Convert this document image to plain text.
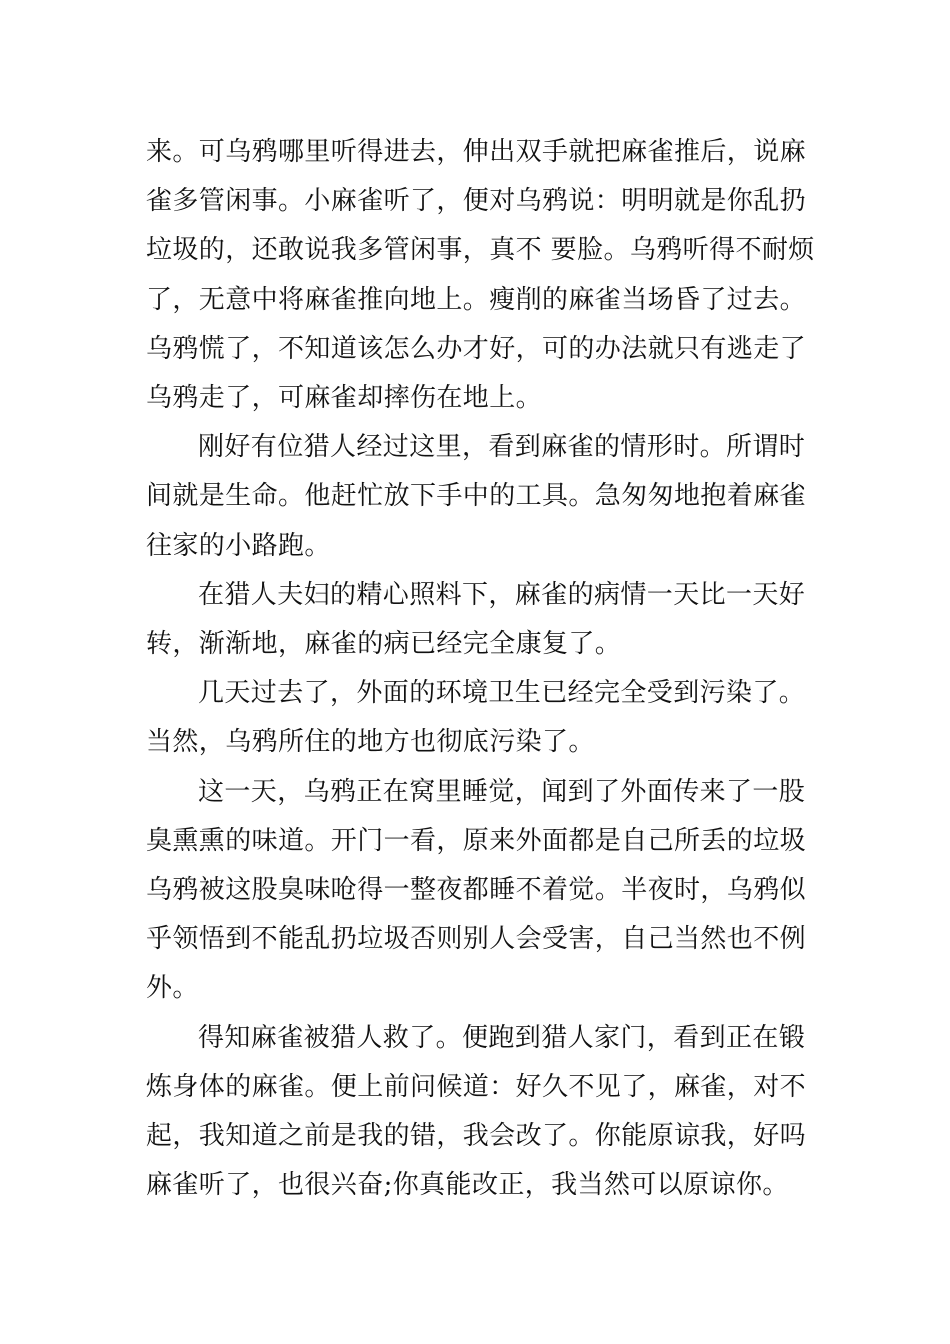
来。可乌鸦哪里听得进去，伸出双手就把麻雀推后，说麻
雀多管闲事。小麻雀听了，便对乌鸦说：明明就是你乱扔
垃圾的，还敢说我多管闲事，真不 要脸。乌鸦听得不耐烦
了，无意中将麻雀推向地上。瘦削的麻雀当场昏了过去。
乌鸦慌了，不知道该怎么办才好，可的办法就只有逃走了
乌鸦走了，可麻雀却摔伤在地上。
刚好有位猎人经过这里，看到麻雀的情形时。所谓时
间就是生命。他赶忙放下手中的工具。急匆匆地抱着麻雀
往家的小路跑。
在猎人夫妇的精心照料下，麻雀的病情一天比一天好
转，渐渐地，麻雀的病已经完全康复了。
几天过去了，外面的环境卫生已经完全受到污染了。
当然，乌鸦所住的地方也彻底污染了。
这一天，乌鸦正在窝里睡觉，闻到了外面传来了一股
臭熏熏的味道。开门一看，原来外面都是自己所丢的垃圾
乌鸦被这股臭味呛得一整夜都睡不着觉。半夜时，乌鸦似
乎领悟到不能乱扔垃圾否则别人会受害，自己当然也不例
外。
得知麻雀被猎人救了。便跑到猎人家门，看到正在锻
炼身体的麻雀。便上前问候道：好久不见了，麻雀，对不
起，我知道之前是我的错，我会改了。你能原谅我，好吗
麻雀听了，也很兴奋;你真能改正，我当然可以原谅你。
